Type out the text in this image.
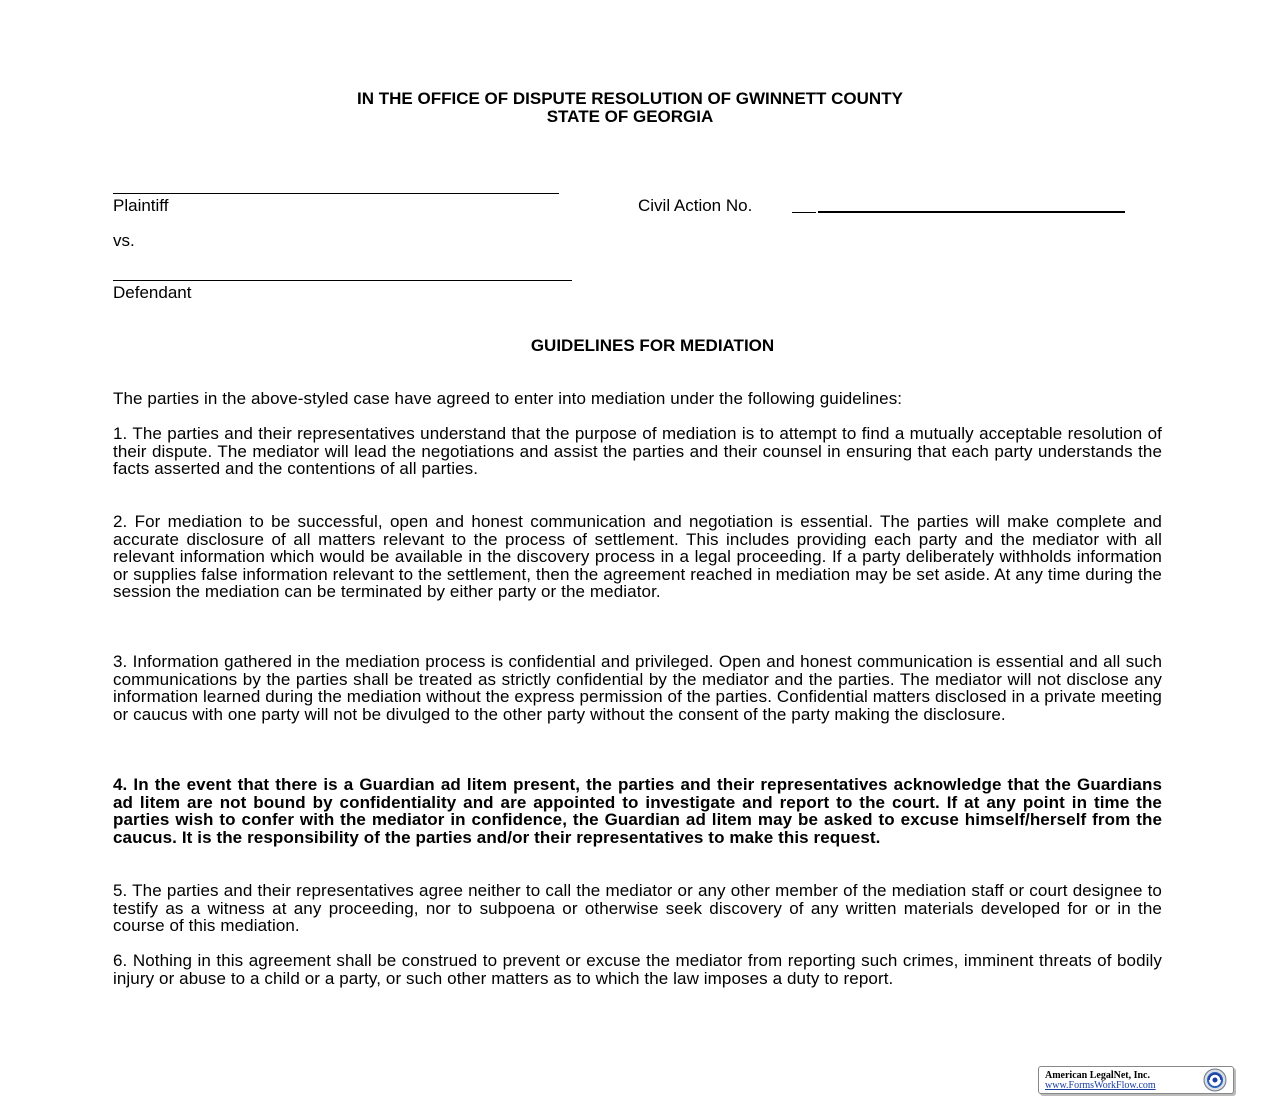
IN THE OFFICE OF DISPUTE RESOLUTION OF GWINNETT COUNTY
STATE OF GEORGIA
Plaintiff	Civil Action No.
vs.
Defendant
GUIDELINES FOR MEDIATION
The parties in the above-styled case have agreed to enter into mediation under the following guidelines:
1. The parties and their representatives understand that the purpose of mediation is to attempt to find a mutually acceptable resolution of their dispute. The mediator will lead the negotiations and assist the parties and their counsel in ensuring that each party understands the facts asserted and the contentions of all parties.
2. For mediation to be successful, open and honest communication and negotiation is essential. The parties will make complete and accurate disclosure of all matters relevant to the process of settlement. This includes providing each party and the mediator with all relevant information which would be available in the discovery process in a legal proceeding. If a party deliberately withholds information or supplies false information relevant to the settlement, then the agreement reached in mediation may be set aside. At any time during the session the mediation can be terminated by either party or the mediator.
3. Information gathered in the mediation process is confidential and privileged. Open and honest communication is essential and all such communications by the parties shall be treated as strictly confidential by the mediator and the parties. The mediator will not disclose any information learned during the mediation without the express permission of the parties. Confidential matters disclosed in a private meeting or caucus with one party will not be divulged to the other party without the consent of the party making the disclosure.
4. In the event that there is a Guardian ad litem present, the parties and their representatives acknowledge that the Guardians ad litem are not bound by confidentiality and are appointed to investigate and report to the court. If at any point in time the parties wish to confer with the mediator in confidence, the Guardian ad litem may be asked to excuse himself/herself from the caucus. It is the responsibility of the parties and/or their representatives to make this request.
5. The parties and their representatives agree neither to call the mediator or any other member of the mediation staff or court designee to testify as a witness at any proceeding, nor to subpoena or otherwise seek discovery of any written materials developed for or in the course of this mediation.
6. Nothing in this agreement shall be construed to prevent or excuse the mediator from reporting such crimes, imminent threats of bodily injury or abuse to a child or a party, or such other matters as to which the law imposes a duty to report.
American LegalNet, Inc.
www.FormsWorkFlow.com
